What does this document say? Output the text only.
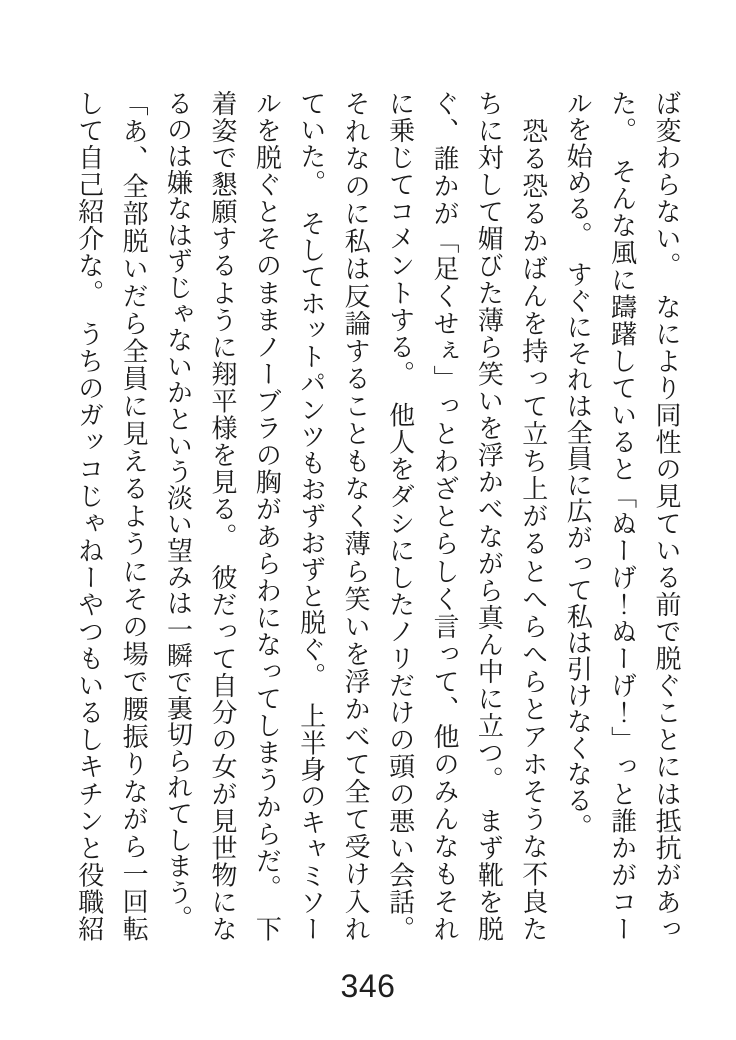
ば変わらない。　なにより同性の見ている前で脱ぐことには抵抗があっ
た。　そんな風に躊躇していると「ぬーげ！ぬーげ！」っと誰かがコー
ルを始める。　すぐにそれは全員に広がって私は引けなくなる。
　恐る恐るかばんを持って立ち上がるとへらへらとアホそうな不良た
ちに対して媚びた薄ら笑いを浮かべながら真ん中に立つ。　まず靴を脱
ぐ、誰かが「足くせぇ」っとわざとらしく言って、他のみんなもそれ
に乗じてコメントする。　他人をダシにしたノリだけの頭の悪い会話。
それなのに私は反論することもなく薄ら笑いを浮かべて全て受け入れ
ていた。　そしてホットパンツもおずおずと脱ぐ。　上半身のキャミソー
ルを脱ぐとそのままノーブラの胸があらわになってしまうからだ。　下
着姿で懇願するように翔平様を見る。　彼だって自分の女が見世物にな
るのは嫌なはずじゃないかという淡い望みは一瞬で裏切られてしまう。
「あ、全部脱いだら全員に見えるようにその場で腰振りながら一回転
して自己紹介な。　うちのガッコじゃねーやつもいるしキチンと役職紹
346
